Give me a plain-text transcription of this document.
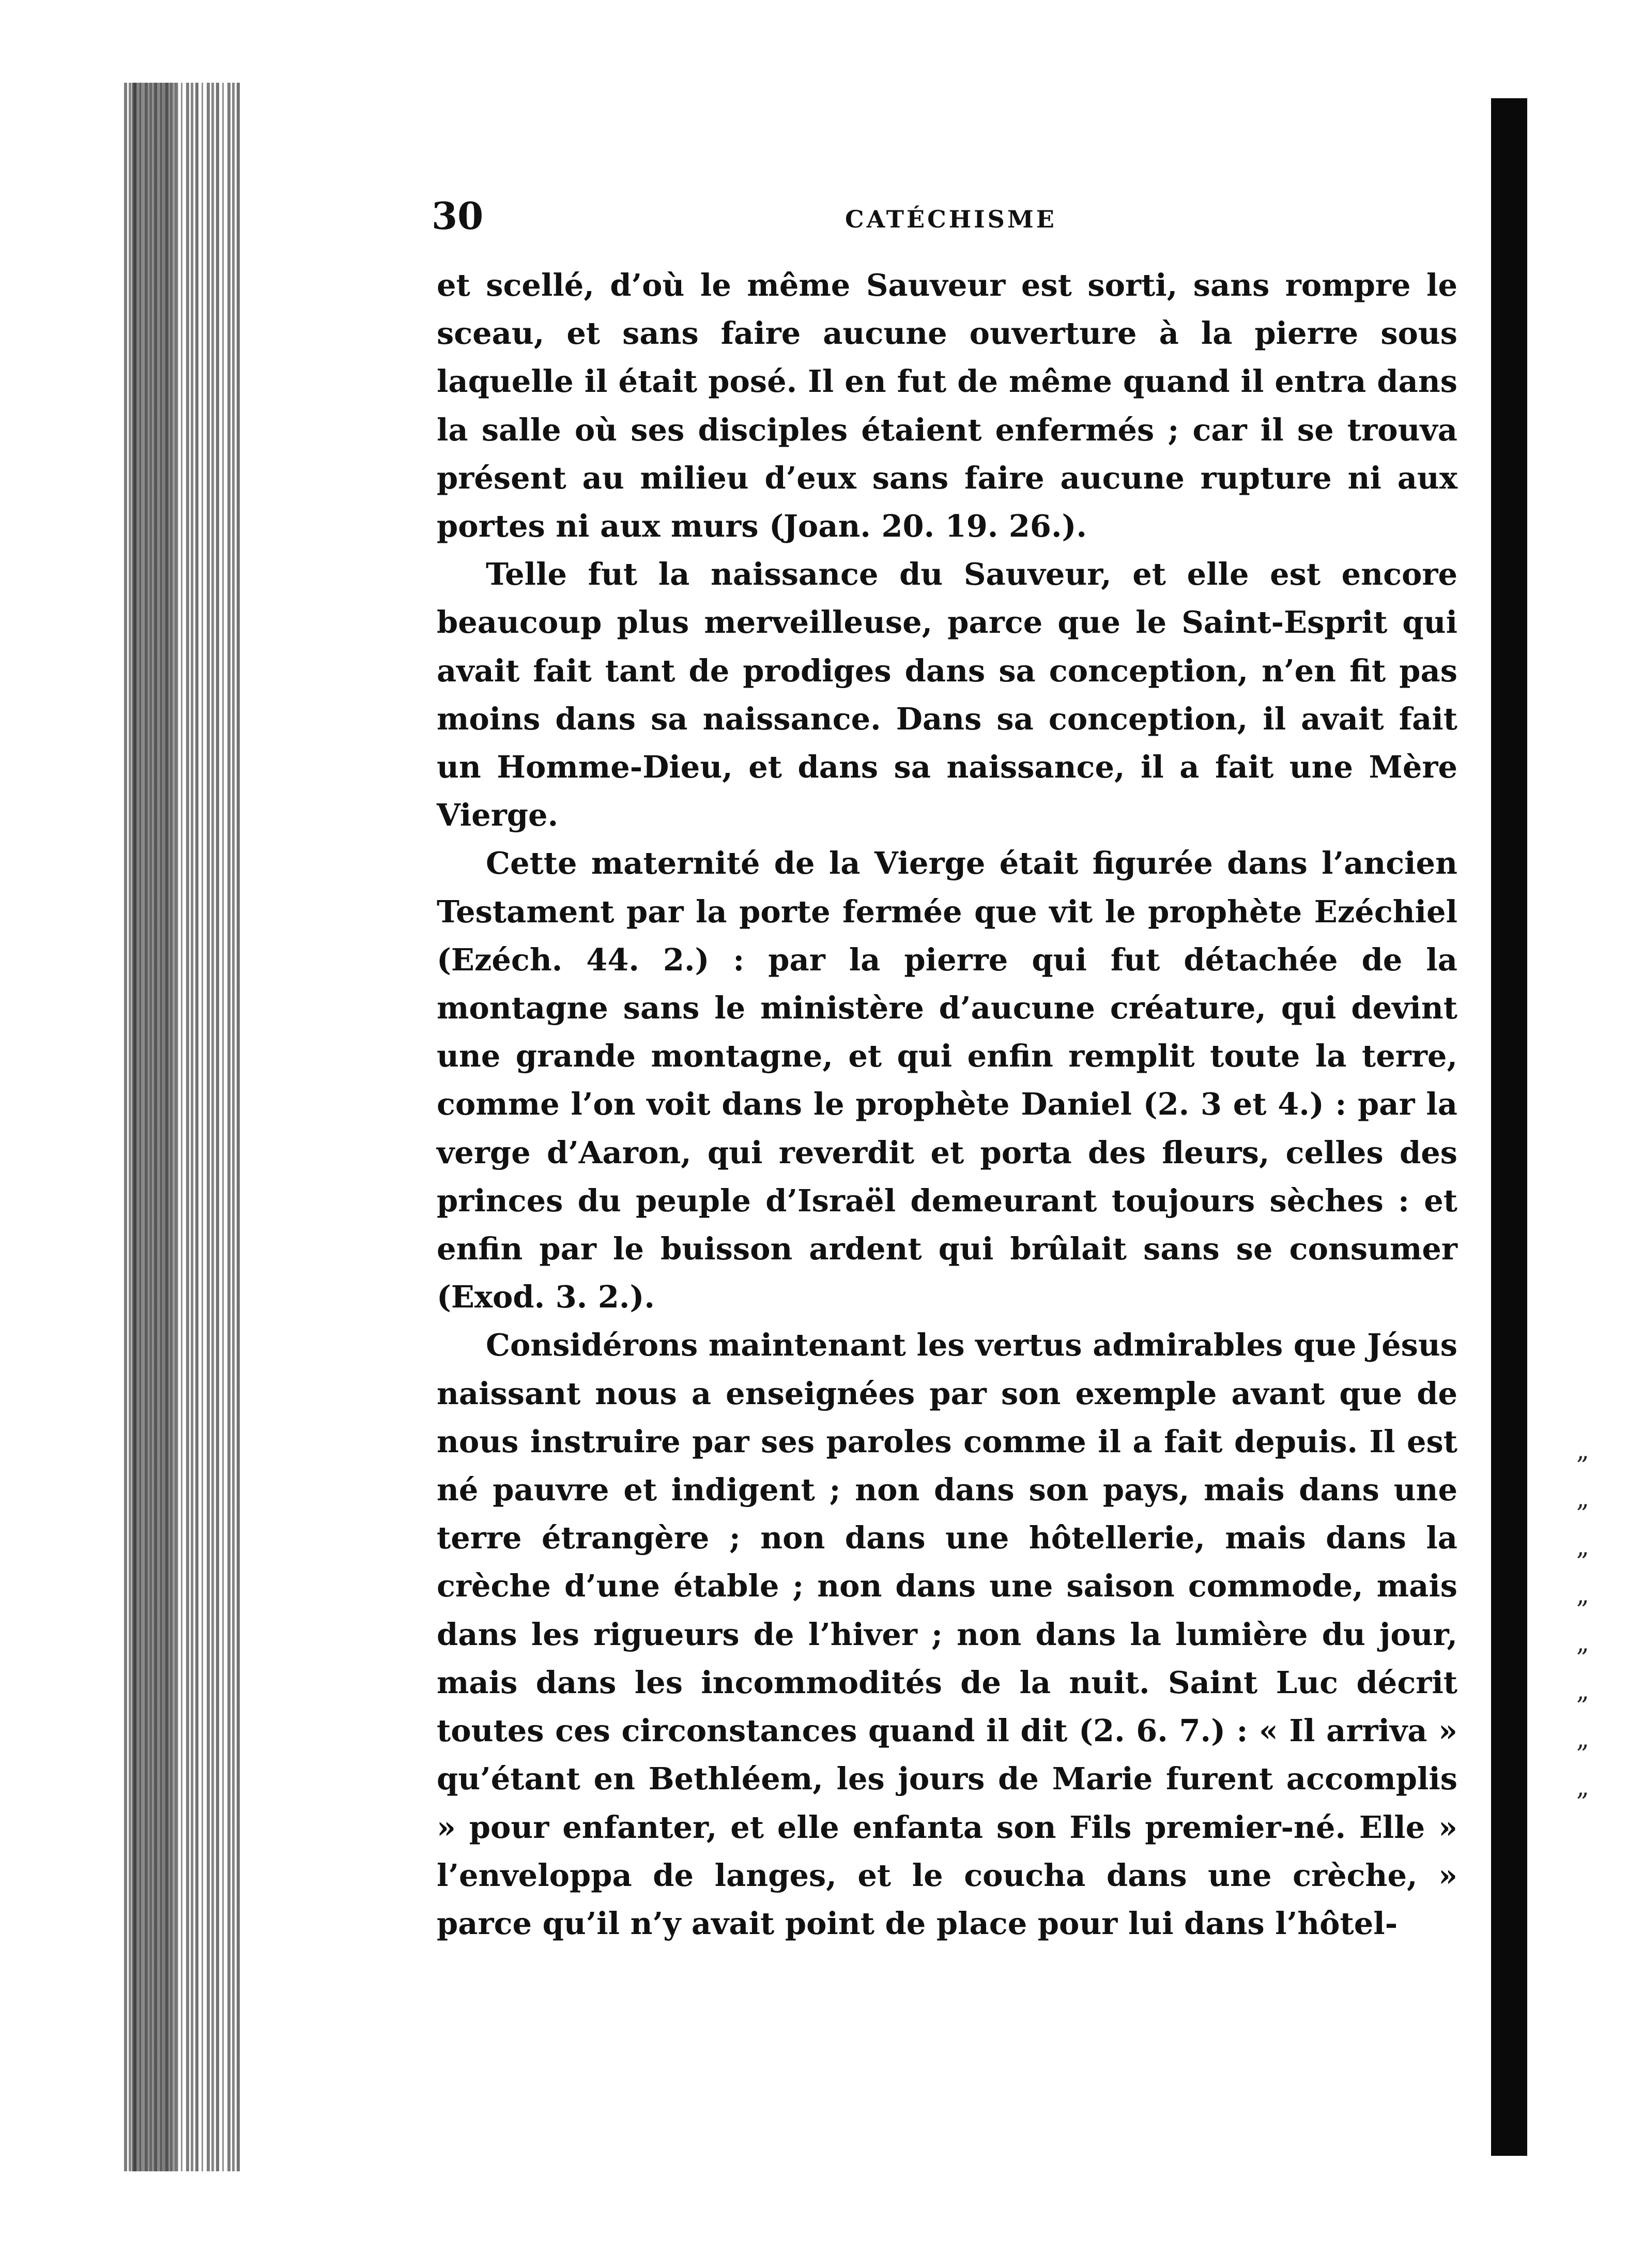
„
„
„
„
„
„
„
„
30	CATÉCHISME

et scellé, d’où le même Sauveur est sorti, sans rompre le sceau, et sans faire aucune ouverture à la pierre sous laquelle il était posé. Il en fut de même quand il entra dans la salle où ses disciples étaient enfermés ; car il se trouva présent au milieu d’eux sans faire aucune rupture ni aux portes ni aux murs (Joan. 20. 19. 26.).

Telle fut la naissance du Sauveur, et elle est encore beaucoup plus merveilleuse, parce que le Saint-Esprit qui avait fait tant de prodiges dans sa conception, n’en fit pas moins dans sa naissance. Dans sa conception, il avait fait un Homme-Dieu, et dans sa naissance, il a fait une Mère Vierge.

Cette maternité de la Vierge était figurée dans l’ancien Testament par la porte fermée que vit le prophète Ezéchiel (Ezéch. 44. 2.) : par la pierre qui fut détachée de la montagne sans le ministère d’aucune créature, qui devint une grande montagne, et qui enfin remplit toute la terre, comme l’on voit dans le prophète Daniel (2. 3 et 4.) : par la verge d’Aaron, qui reverdit et porta des fleurs, celles des princes du peuple d’Israël demeurant toujours sèches : et enfin par le buisson ardent qui brûlait sans se consumer (Exod. 3. 2.).

Considérons maintenant les vertus admirables que Jésus naissant nous a enseignées par son exemple avant que de nous instruire par ses paroles comme il a fait depuis. Il est né pauvre et indigent ; non dans son pays, mais dans une terre étrangère ; non dans une hôtellerie, mais dans la crèche d’une étable ; non dans une saison commode, mais dans les rigueurs de l’hiver ; non dans la lumière du jour, mais dans les incommodités de la nuit. Saint Luc décrit toutes ces circonstances quand il dit (2. 6. 7.) : « Il arriva » qu’étant en Bethléem, les jours de Marie furent accomplis » pour enfanter, et elle enfanta son Fils premier-né. Elle » l’enveloppa de langes, et le coucha dans une crèche, » parce qu’il n’y avait point de place pour lui dans l’hôtel-
